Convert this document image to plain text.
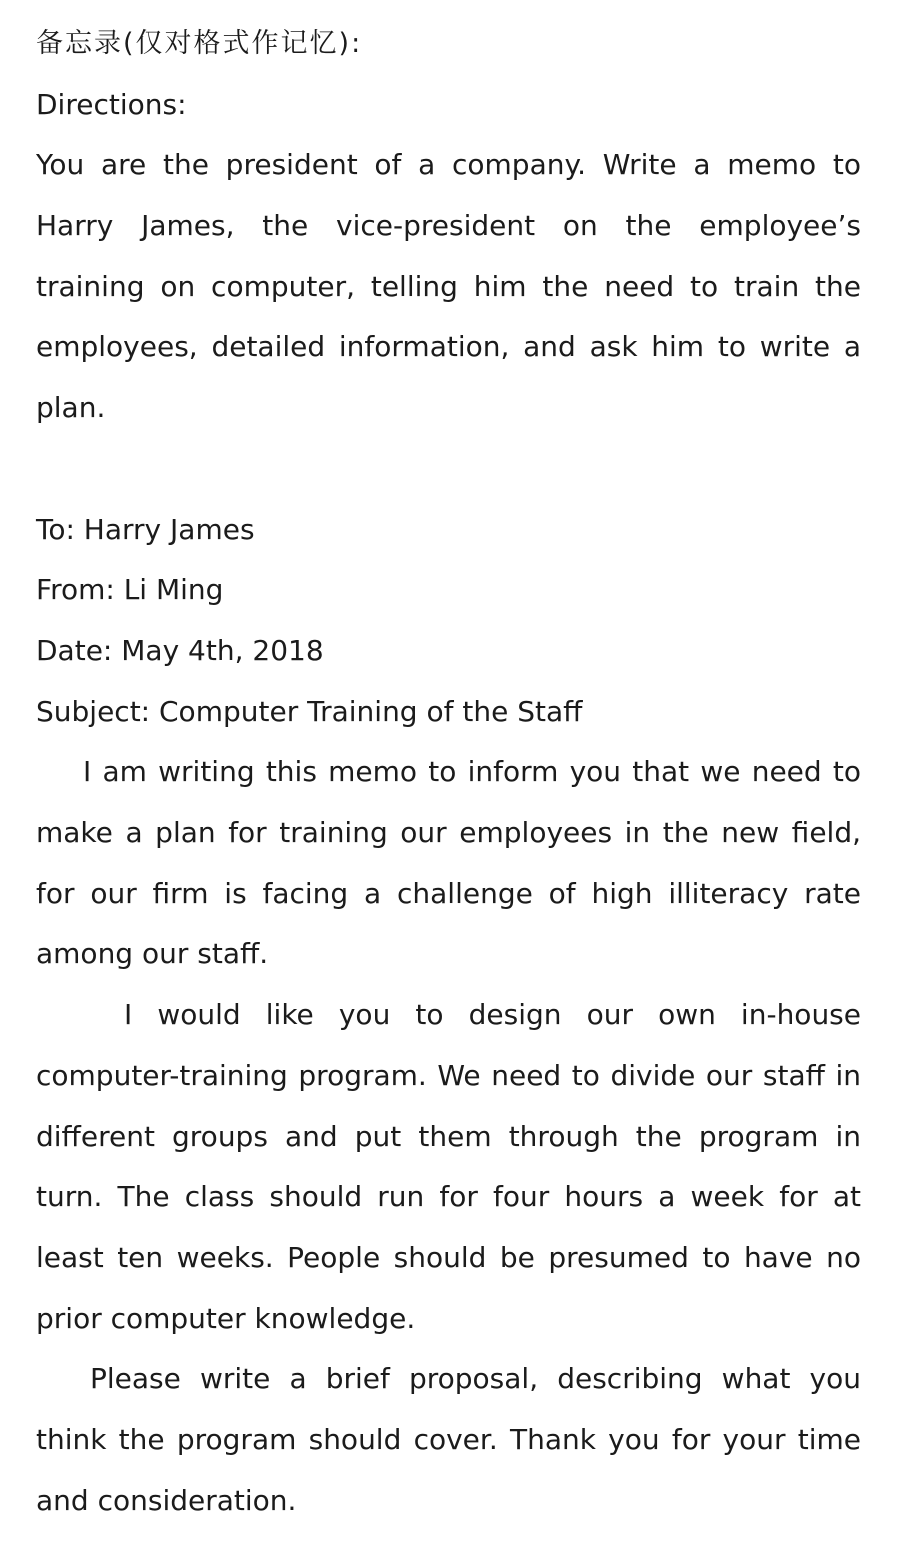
备忘录(仅对格式作记忆):
Directions:
You are the president of a company. Write a memo to Harry James, the vice-president on the employee’s training on computer, telling him the need to train the employees, detailed information, and ask him to write a plan.
To: Harry James
From: Li Ming
Date: May 4th, 2018
Subject: Computer Training of the Staff
I am writing this memo to inform you that we need to make a plan for training our employees in the new field, for our firm is facing a challenge of high illiteracy rate among our staff.
I would like you to design our own in-house computer-training program. We need to divide our staff in different groups and put them through the program in turn. The class should run for four hours a week for at least ten weeks. People should be presumed to have no prior computer knowledge.
Please write a brief proposal, describing what you think the program should cover. Thank you for your time and consideration.
